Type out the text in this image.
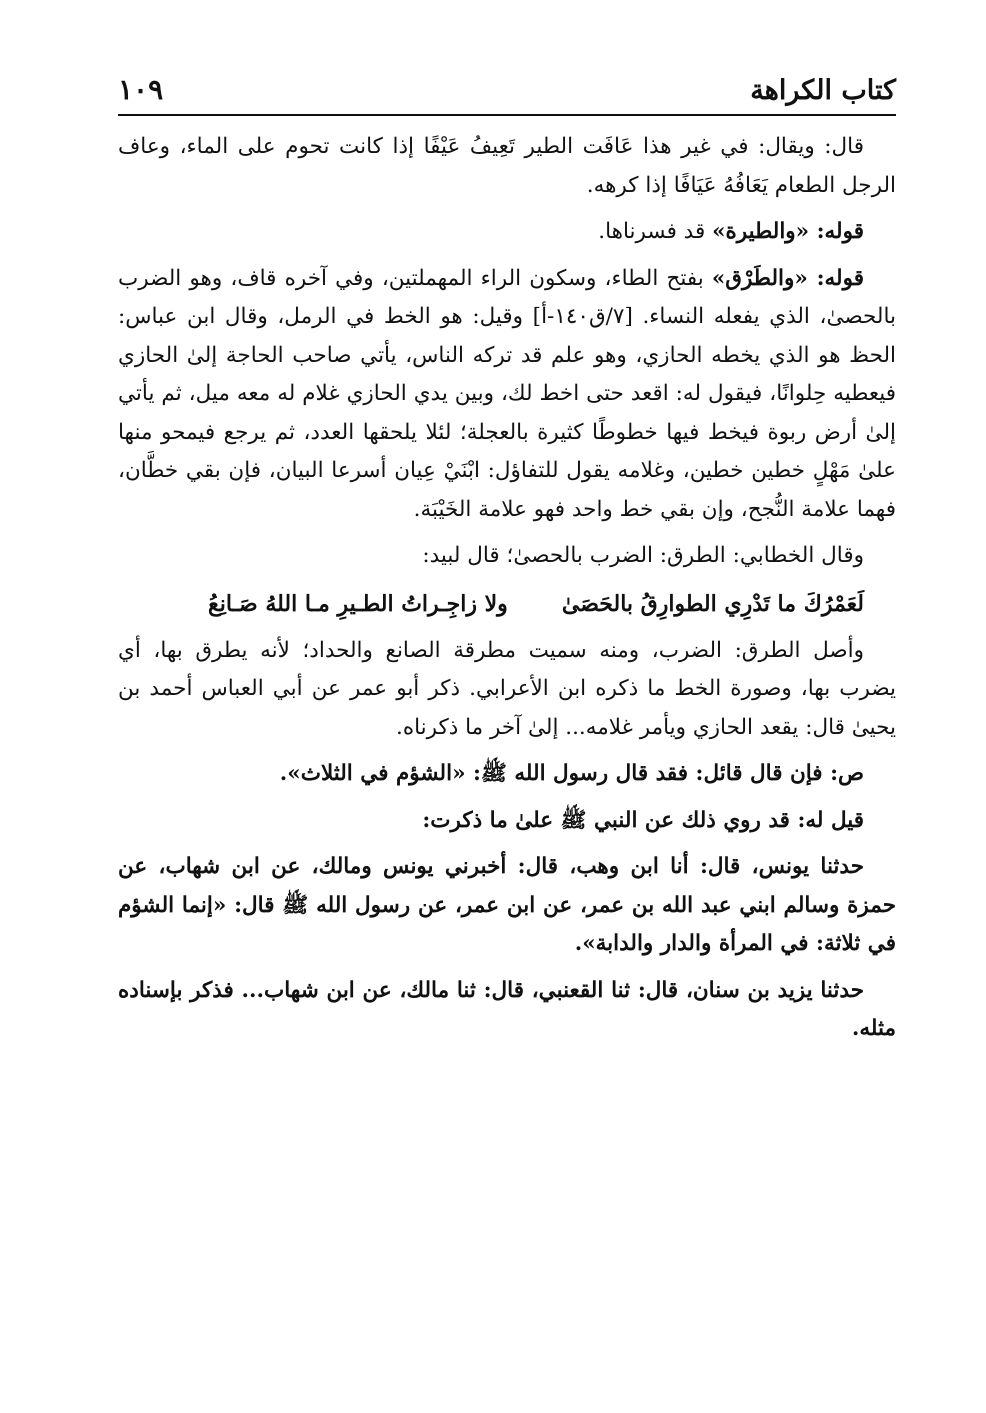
كتاب الكراهة
١٠٩

قال: ويقال: في غير هذا عَافَت الطير تَعِيفُ عَيْفًا إذا كانت تحوم على الماء، وعاف الرجل الطعام يَعَافُهُ عَيَافًا إذا كرهه.

قوله: «والطيرة» قد فسرناها.

قوله: «والطَرْق» بفتح الطاء، وسكون الراء المهملتين، وفي آخره قاف، وهو الضرب بالحصىٰ، الذي يفعله النساء. [٧/ق١٤٠-أ] وقيل: هو الخط في الرمل، وقال ابن عباس: الحظ هو الذي يخطه الحازي، وهو علم قد تركه الناس، يأتي صاحب الحاجة إلىٰ الحازي فيعطيه حِلوانًا، فيقول له: اقعد حتى اخط لك، وبين يدي الحازي غلام له معه ميل، ثم يأتي إلىٰ أرض ربوة فيخط فيها خطوطًا كثيرة بالعجلة؛ لئلا يلحقها العدد، ثم يرجع فيمحو منها علىٰ مَهْلٍ خطين خطين، وغلامه يقول للتفاؤل: ابْنَيْ عِيان أسرعا البيان، فإن بقي خطَّان، فهما علامة النُّجح، وإن بقي خط واحد فهو علامة الخَيْبَة.

وقال الخطابي: الطرق: الضرب بالحصىٰ؛ قال لبيد:

لَعَمْرُكَ ما تَدْرِي الطوارِقُ بالحَصَىٰ
ولا زاجِـراتُ الطـيرِ مـا اللهُ صَـانِعُ

وأصل الطرق: الضرب، ومنه سميت مطرقة الصانع والحداد؛ لأنه يطرق بها، أي يضرب بها، وصورة الخط ما ذكره ابن الأعرابي. ذكر أبو عمر عن أبي العباس أحمد بن يحيىٰ قال: يقعد الحازي ويأمر غلامه... إلىٰ آخر ما ذكرناه.

ص: فإن قال قائل: فقد قال رسول الله ﷺ: «الشؤم في الثلاث».

قيل له: قد روي ذلك عن النبي ﷺ علىٰ ما ذكرت:

حدثنا يونس، قال: أنا ابن وهب، قال: أخبرني يونس ومالك، عن ابن شهاب، عن حمزة وسالم ابني عبد الله بن عمر، عن ابن عمر، عن رسول الله ﷺ قال: «إنما الشؤم في ثلاثة: في المرأة والدار والدابة».

حدثنا يزيد بن سنان، قال: ثنا القعنبي، قال: ثنا مالك، عن ابن شهاب... فذكر بإسناده مثله.
